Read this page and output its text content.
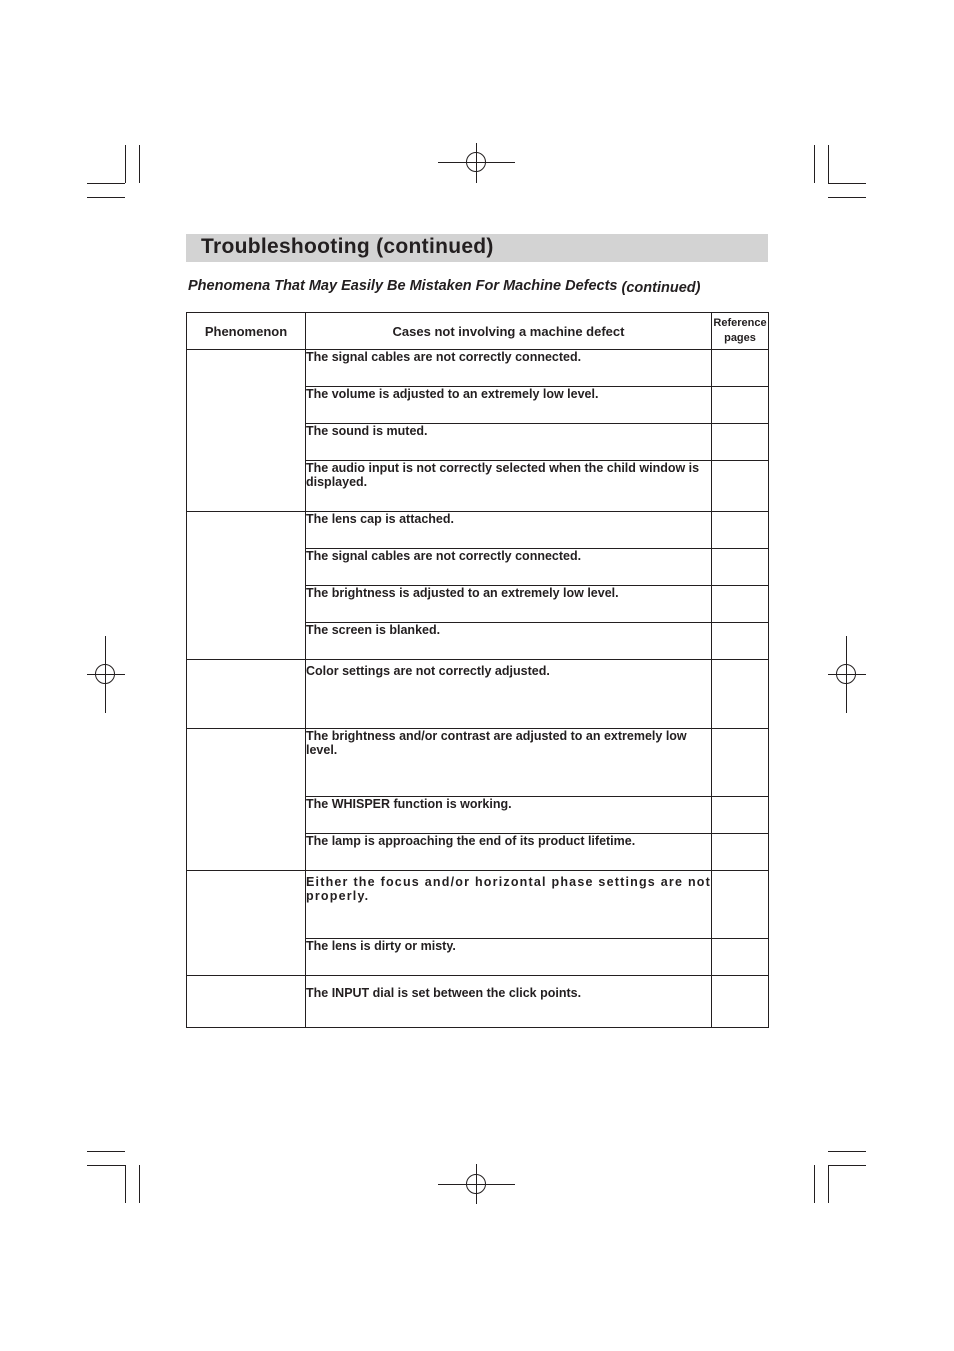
Troubleshooting (continued)
Phenomena That May Easily Be Mistaken For Machine Defects (continued)
Phenomenon	Cases not involving a machine defect	Reference pages
	The signal cables are not correctly connected.	
	The volume is adjusted to an extremely low level.	
	The sound is muted.	
	The audio input is not correctly selected when the child window is displayed.	
	The lens cap is attached.	
	The signal cables are not correctly connected.	
	The brightness is adjusted to an extremely low level.	
	The screen is blanked.	
	Color settings are not correctly adjusted.	
	The brightness and/or contrast are adjusted to an extremely low level.	
	The WHISPER function is working.	
	The lamp is approaching the end of its product lifetime.	
	Either the focus and/or horizontal phase settings are not properly.	
	The lens is dirty or misty.	
	The INPUT dial is set between the click points.	
